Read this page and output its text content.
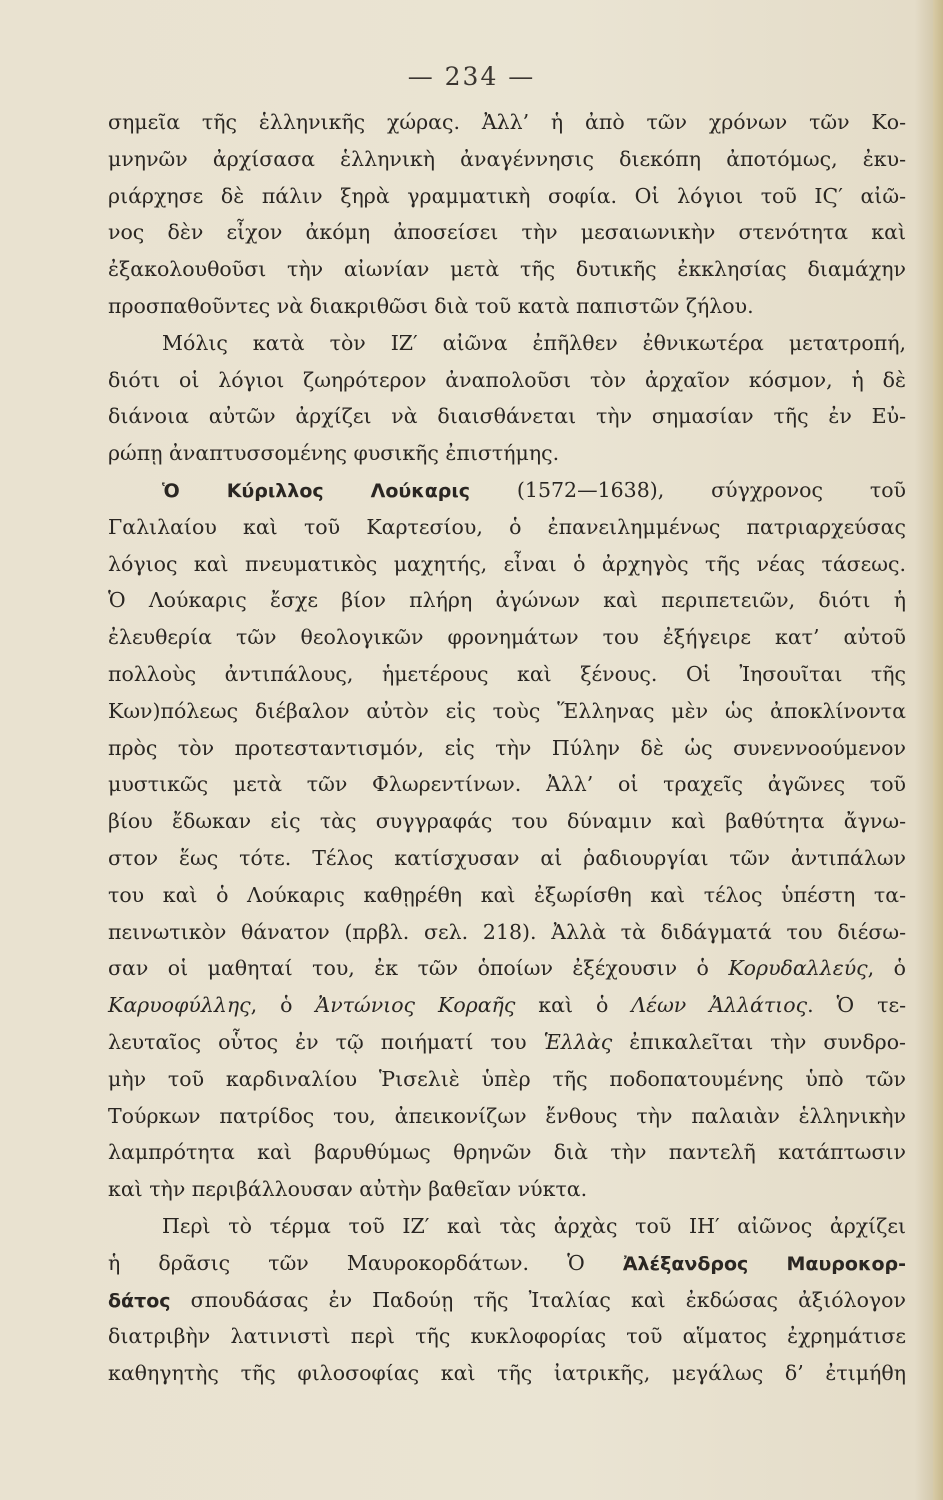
— 234 —
σημεῖα τῆς ἑλληνικῆς χώρας. Ἀλλ’ ἡ ἀπὸ τῶν χρόνων τῶν Κο-
μνηνῶν ἀρχίσασα ἑλληνικὴ ἀναγέννησις διεκόπη ἀποτόμως, ἐκυ-
ριάρχησε δὲ πάλιν ξηρὰ γραμματικὴ σοφία. Οἱ λόγιοι τοῦ ΙϚ′ αἰῶ-
νος δὲν εἶχον ἀκόμη ἀποσείσει τὴν μεσαιωνικὴν στενότητα καὶ
ἐξακολουθοῦσι τὴν αἰωνίαν μετὰ τῆς δυτικῆς ἐκκλησίας διαμάχην
προσπαθοῦντες νὰ διακριθῶσι διὰ τοῦ κατὰ παπιστῶν ζήλου.
Μόλις κατὰ τὸν ΙΖ′ αἰῶνα ἐπῆλθεν ἐθνικωτέρα μετατροπή,
διότι οἱ λόγιοι ζωηρότερον ἀναπολοῦσι τὸν ἀρχαῖον κόσμον, ἡ δὲ
διάνοια αὐτῶν ἀρχίζει νὰ διαισθάνεται τὴν σημασίαν τῆς ἐν Εὐ-
ρώπῃ ἀναπτυσσομένης φυσικῆς ἐπιστήμης.
Ὁ Κύριλλος Λούκαρις (1572—1638), σύγχρονος τοῦ
Γαλιλαίου καὶ τοῦ Καρτεσίου, ὁ ἐπανειλημμένως πατριαρχεύσας
λόγιος καὶ πνευματικὸς μαχητής, εἶναι ὁ ἀρχηγὸς τῆς νέας τάσεως.
Ὁ Λούκαρις ἔσχε βίον πλήρη ἀγώνων καὶ περιπετειῶν, διότι ἡ
ἐλευθερία τῶν θεολογικῶν φρονημάτων του ἐξήγειρε κατ’ αὐτοῦ
πολλοὺς ἀντιπάλους, ἡμετέρους καὶ ξένους. Οἱ Ἰησουῖται τῆς
Κων)πόλεως διέβαλον αὐτὸν εἰς τοὺς Ἕλληνας μὲν ὡς ἀποκλίνοντα
πρὸς τὸν προτεσταντισμόν, εἰς τὴν Πύλην δὲ ὡς συνεννοούμενον
μυστικῶς μετὰ τῶν Φλωρεντίνων. Ἀλλ’ οἱ τραχεῖς ἀγῶνες τοῦ
βίου ἔδωκαν εἰς τὰς συγγραφάς του δύναμιν καὶ βαθύτητα ἄγνω-
στον ἕως τότε. Τέλος κατίσχυσαν αἱ ῥαδιουργίαι τῶν ἀντιπάλων
του καὶ ὁ Λούκαρις καθῃρέθη καὶ ἐξωρίσθη καὶ τέλος ὑπέστη τα-
πεινωτικὸν θάνατον (πρβλ. σελ. 218). Ἀλλὰ τὰ διδάγματά του διέσω-
σαν οἱ μαθηταί του, ἐκ τῶν ὁποίων ἐξέχουσιν ὁ Κορυδαλλεύς, ὁ
Καρυοφύλλης, ὁ Ἀντώνιος Κοραῆς καὶ ὁ Λέων Ἀλλάτιος. Ὁ τε-
λευταῖος οὗτος ἐν τῷ ποιήματί του Ἑλλὰς ἐπικαλεῖται τὴν συνδρο-
μὴν τοῦ καρδιναλίου Ῥισελιὲ ὑπὲρ τῆς ποδοπατουμένης ὑπὸ τῶν
Τούρκων πατρίδος του, ἀπεικονίζων ἔνθους τὴν παλαιὰν ἑλληνικὴν
λαμπρότητα καὶ βαρυθύμως θρηνῶν διὰ τὴν παντελῆ κατάπτωσιν
καὶ τὴν περιβάλλουσαν αὐτὴν βαθεῖαν νύκτα.
Περὶ τὸ τέρμα τοῦ ΙΖ′ καὶ τὰς ἀρχὰς τοῦ ΙΗ′ αἰῶνος ἀρχίζει
ἡ δρᾶσις τῶν Μαυροκορδάτων. Ὁ Ἀλέξανδρος Μαυροκορ-
δάτος σπουδάσας ἐν Παδούῃ τῆς Ἰταλίας καὶ ἐκδώσας ἀξιόλογον
διατριβὴν λατινιστὶ περὶ τῆς κυκλοφορίας τοῦ αἵματος ἐχρημάτισε
καθηγητὴς τῆς φιλοσοφίας καὶ τῆς ἰατρικῆς, μεγάλως δ’ ἐτιμήθη
